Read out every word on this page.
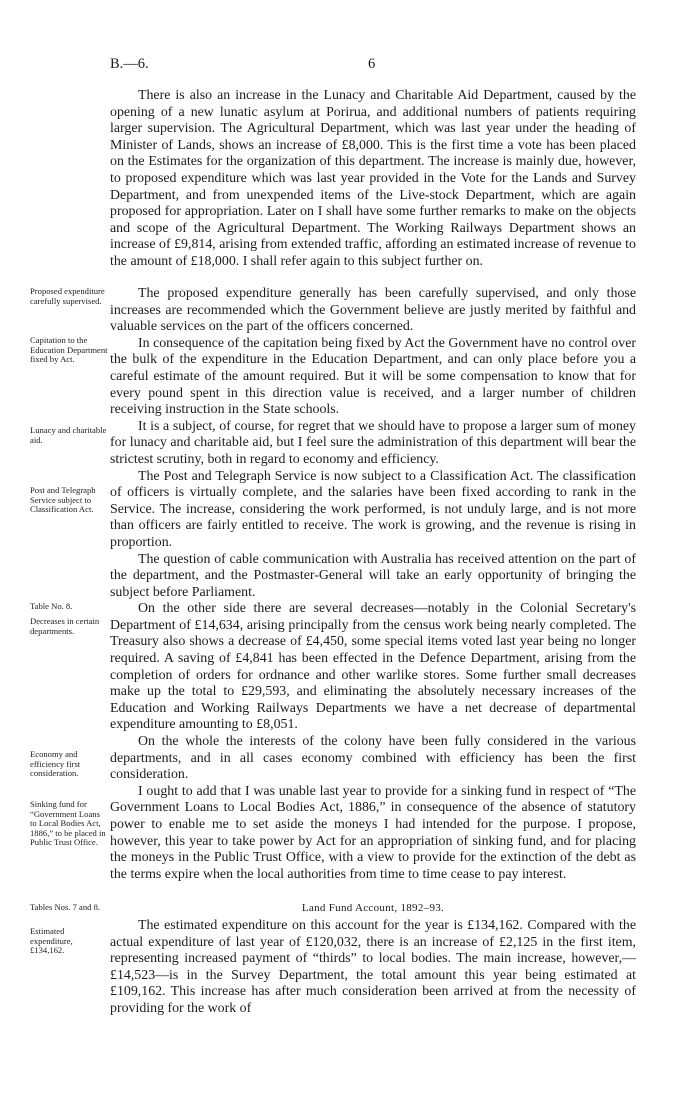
B.—6.	6

There is also an increase in the Lunacy and Charitable Aid Department, caused by the opening of a new lunatic asylum at Porirua, and additional numbers of patients requiring larger supervision. The Agricultural Department, which was last year under the heading of Minister of Lands, shows an increase of £8,000. This is the first time a vote has been placed on the Estimates for the organization of this department. The increase is mainly due, however, to proposed expenditure which was last year provided in the Vote for the Lands and Survey Department, and from unexpended items of the Live-stock Department, which are again proposed for appropriation. Later on I shall have some further remarks to make on the objects and scope of the Agricultural Department. The Working Railways Department shows an increase of £9,814, arising from extended traffic, affording an estimated increase of revenue to the amount of £18,000. I shall refer again to this subject further on.

The proposed expenditure generally has been carefully supervised, and only those increases are recommended which the Government believe are justly merited by faithful and valuable services on the part of the officers concerned.

In consequence of the capitation being fixed by Act the Government have no control over the bulk of the expenditure in the Education Department, and can only place before you a careful estimate of the amount required. But it will be some compensation to know that for every pound spent in this direction value is received, and a larger number of children receiving instruction in the State schools.

It is a subject, of course, for regret that we should have to propose a larger sum of money for lunacy and charitable aid, but I feel sure the administration of this department will bear the strictest scrutiny, both in regard to economy and efficiency.

The Post and Telegraph Service is now subject to a Classification Act. The classification of officers is virtually complete, and the salaries have been fixed according to rank in the Service. The increase, considering the work performed, is not unduly large, and is not more than officers are fairly entitled to receive. The work is growing, and the revenue is rising in proportion.

The question of cable communication with Australia has received attention on the part of the department, and the Postmaster-General will take an early opportunity of bringing the subject before Parliament.

On the other side there are several decreases—notably in the Colonial Secretary's Department of £14,634, arising principally from the census work being nearly completed. The Treasury also shows a decrease of £4,450, some special items voted last year being no longer required. A saving of £4,841 has been effected in the Defence Department, arising from the completion of orders for ordnance and other warlike stores. Some further small decreases make up the total to £29,593, and eliminating the absolutely necessary increases of the Education and Working Railways Departments we have a net decrease of departmental expenditure amounting to £8,051.

On the whole the interests of the colony have been fully considered in the various departments, and in all cases economy combined with efficiency has been the first consideration.

I ought to add that I was unable last year to provide for a sinking fund in respect of “The Government Loans to Local Bodies Act, 1886,” in consequence of the absence of statutory power to enable me to set aside the moneys I had intended for the purpose. I propose, however, this year to take power by Act for an appropriation of sinking fund, and for placing the moneys in the Public Trust Office, with a view to provide for the extinction of the debt as the terms expire when the local authorities from time to time cease to pay interest.

Land Fund Account, 1892–93.

The estimated expenditure on this account for the year is £134,162. Compared with the actual expenditure of last year of £120,032, there is an increase of £2,125 in the first item, representing increased payment of “thirds” to local bodies. The main increase, however,—£14,523—is in the Survey Department, the total amount this year being estimated at £109,162. This increase has after much consideration been arrived at from the necessity of providing for the work of

Proposed expenditure carefully supervised.
Capitation to the Education Department fixed by Act.
Lunacy and charitable aid.
Post and Telegraph Service subject to Classification Act.
Table No. 8.
Decreases in certain departments.
Economy and efficiency first consideration.
Sinking fund for “Government Loans to Local Bodies Act, 1886,” to be placed in Public Trust Office.
Tables Nos. 7 and 8.
Estimated expenditure, £134,162.
